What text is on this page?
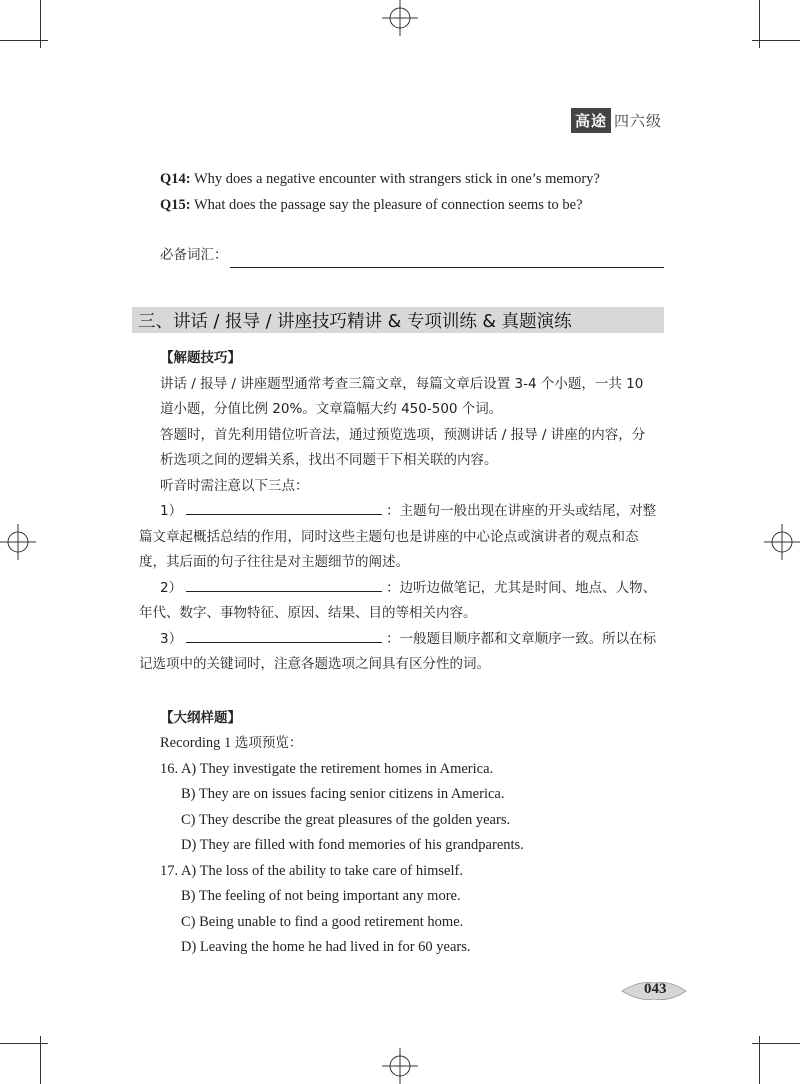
高途 四六级
Q14: Why does a negative encounter with strangers stick in one’s memory?
Q15: What does the passage say the pleasure of connection seems to be?
必备词汇：
三、讲话 / 报导 / 讲座技巧精讲 & 专项训练 & 真题演练
【解题技巧】
讲话 / 报导 / 讲座题型通常考查三篇文章，每篇文章后设置 3-4 个小题，一共 10
道小题，分值比例 20%。文章篇幅大约 450-500 个词。
答题时，首先利用错位听音法，通过预览选项，预测讲话 / 报导 / 讲座的内容，分
析选项之间的逻辑关系，找出不同题干下相关联的内容。
听音时需注意以下三点：
1）	：主题句一般出现在讲座的开头或结尾，对整
篇文章起概括总结的作用，同时这些主题句也是讲座的中心论点或演讲者的观点和态
度，其后面的句子往往是对主题细节的阐述。
2）	：边听边做笔记，尤其是时间、地点、人物、
年代、数字、事物特征、原因、结果、目的等相关内容。
3）	：一般题目顺序都和文章顺序一致。所以在标
记选项中的关键词时，注意各题选项之间具有区分性的词。
【大纲样题】
Recording 1 选项预览：
16. A) They investigate the retirement homes in America.
B) They are on issues facing senior citizens in America.
C) They describe the great pleasures of the golden years.
D) They are filled with fond memories of his grandparents.
17. A) The loss of the ability to take care of himself.
B) The feeling of not being important any more.
C) Being unable to find a good retirement home.
D) Leaving the home he had lived in for 60 years.
043
